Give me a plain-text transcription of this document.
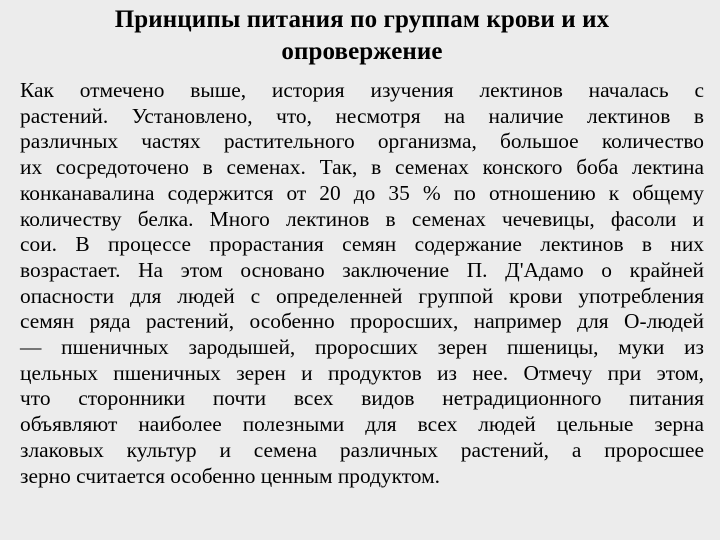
Принципы питания по группам крови и их
опровержение
Как отмечено выше, история изучения лектинов началась с
растений. Установлено, что, несмотря на наличие лектинов в
различных частях растительного организма, большое количество
их сосредоточено в семенах. Так, в семенах конского боба лектина
конканавалина содержится от 20 до 35 % по отношению к общему
количеству белка. Много лектинов в семенах чечевицы, фасоли и
сои. В процессе прорастания семян содержание лектинов в них
возрастает. На этом основано заключение П. Д'Адамо о крайней
опасности для людей с определенней группой крови употребления
семян ряда растений, особенно проросших, например для О-людей
— пшеничных зародышей, проросших зерен пшеницы, муки из
цельных пшеничных зерен и продуктов из нее. Отмечу при этом,
что сторонники почти всех видов нетрадиционного питания
объявляют наиболее полезными для всех людей цельные зерна
злаковых культур и семена различных растений, а проросшее
зерно считается особенно ценным продуктом.
